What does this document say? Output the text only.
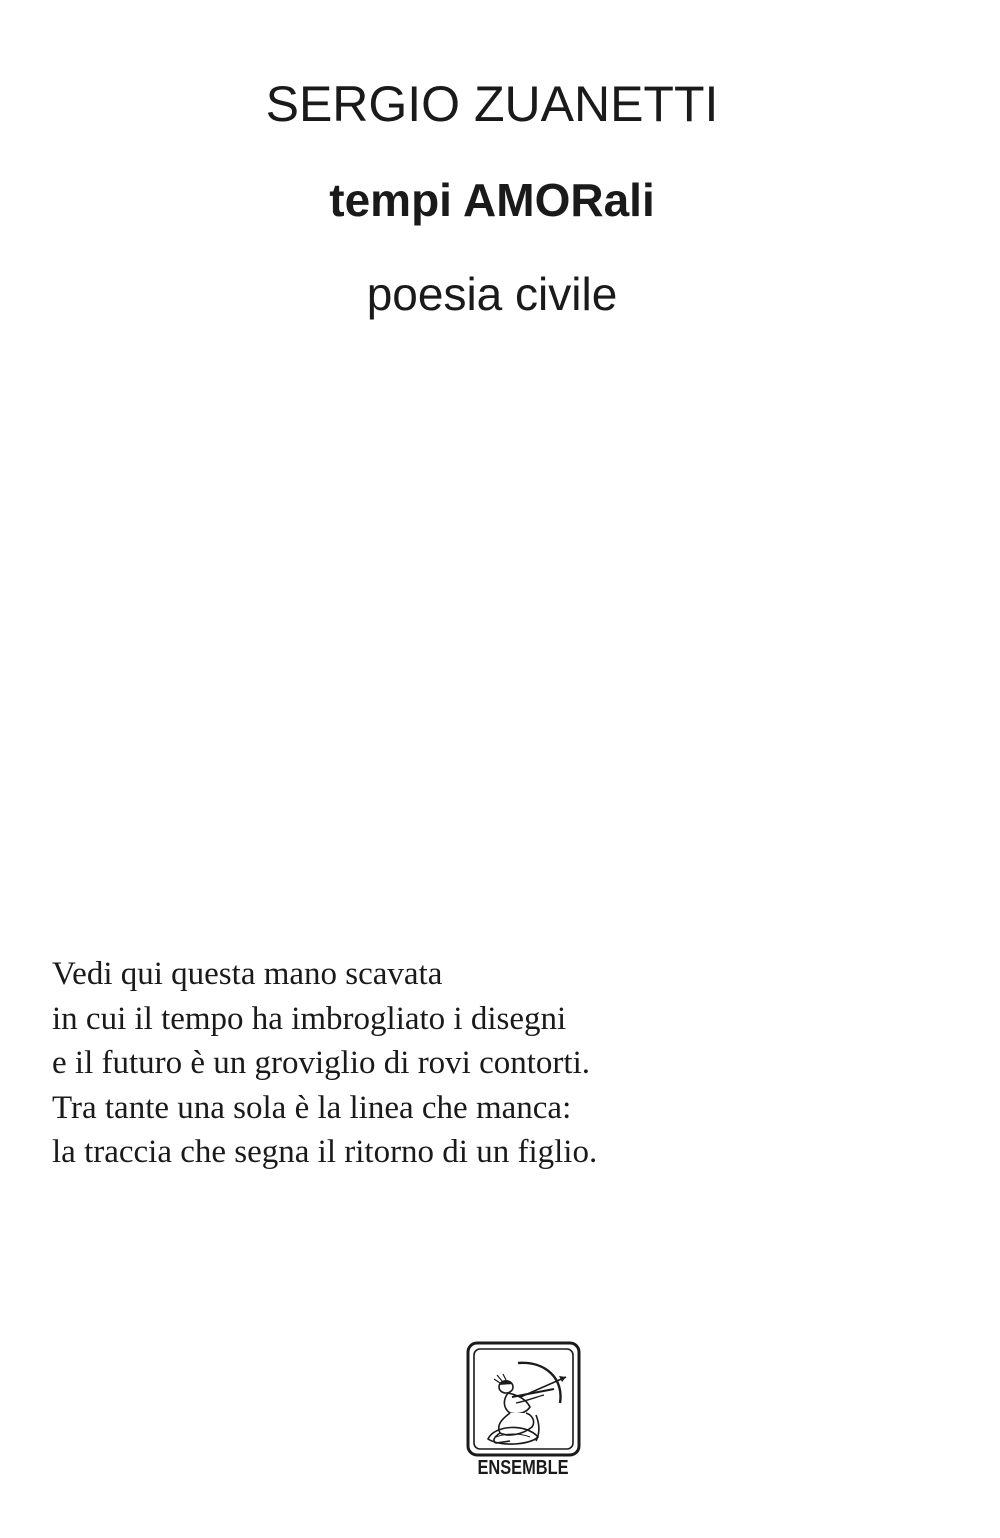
SERGIO ZUANETTI
tempi AMORali
poesia civile
Vedi qui questa mano scavata
in cui il tempo ha imbrogliato i disegni
e il futuro è un groviglio di rovi contorti.
Tra tante una sola è la linea che manca:
la traccia che segna il ritorno di un figlio.
ENSEMBLE
